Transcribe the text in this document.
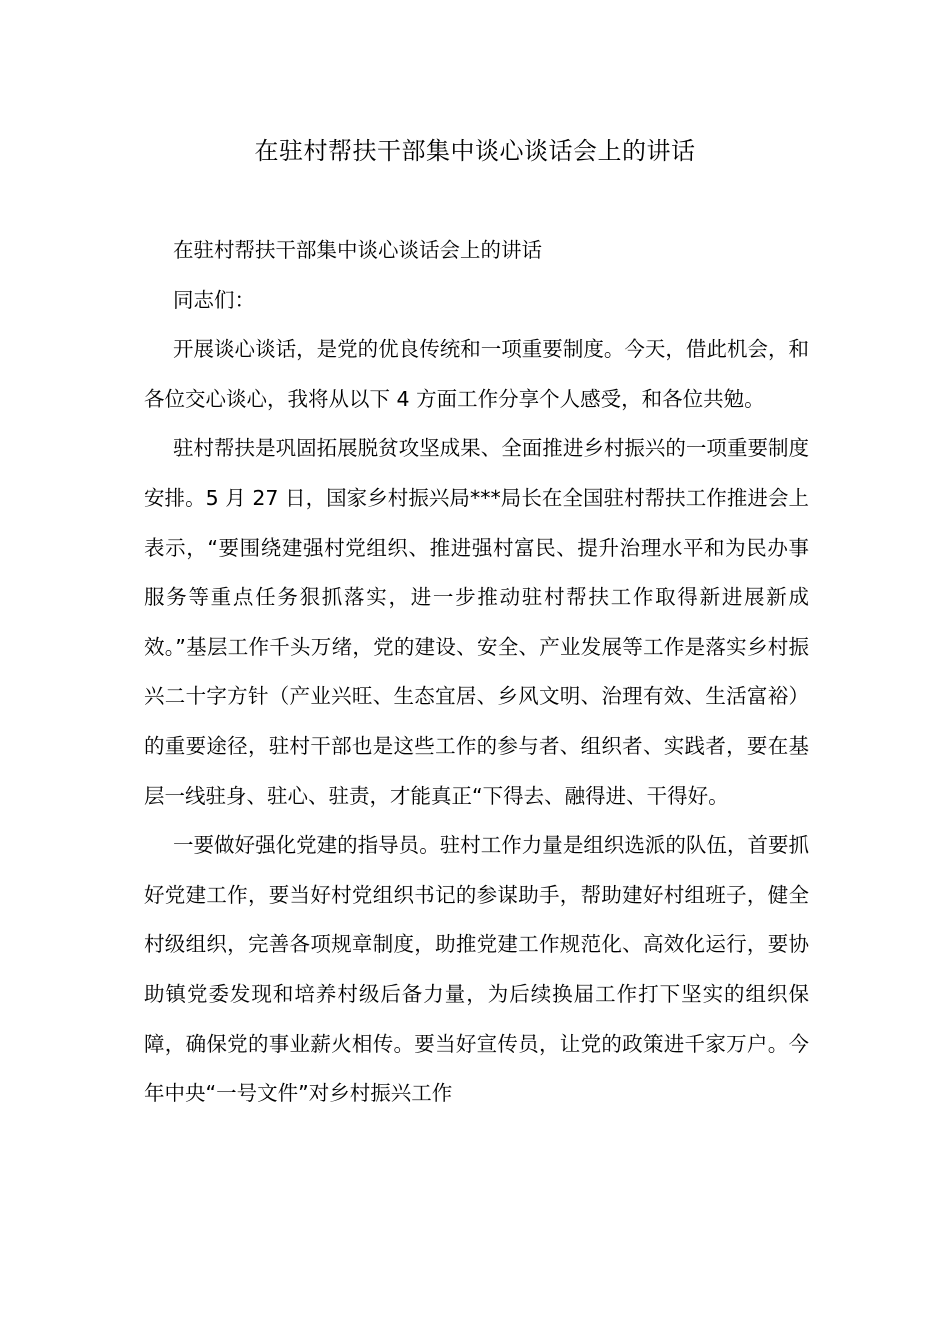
在驻村帮扶干部集中谈心谈话会上的讲话

在驻村帮扶干部集中谈心谈话会上的讲话

同志们：

开展谈心谈话，是党的优良传统和一项重要制度。今天，借此机会，和各位交心谈心，我将从以下 4 方面工作分享个人感受，和各位共勉。

驻村帮扶是巩固拓展脱贫攻坚成果、全面推进乡村振兴的一项重要制度安排。5 月 27 日，国家乡村振兴局***局长在全国驻村帮扶工作推进会上表示，“要围绕建强村党组织、推进强村富民、提升治理水平和为民办事服务等重点任务狠抓落实，进一步推动驻村帮扶工作取得新进展新成效。”基层工作千头万绪，党的建设、安全、产业发展等工作是落实乡村振兴二十字方针（产业兴旺、生态宜居、乡风文明、治理有效、生活富裕）的重要途径，驻村干部也是这些工作的参与者、组织者、实践者，要在基层一线驻身、驻心、驻责，才能真正“下得去、融得进、干得好。

一要做好强化党建的指导员。驻村工作力量是组织选派的队伍，首要抓好党建工作，要当好村党组织书记的参谋助手，帮助建好村组班子，健全村级组织，完善各项规章制度，助推党建工作规范化、高效化运行，要协助镇党委发现和培养村级后备力量，为后续换届工作打下坚实的组织保障，确保党的事业薪火相传。要当好宣传员，让党的政策进千家万户。今年中央“一号文件”对乡村振兴工作
